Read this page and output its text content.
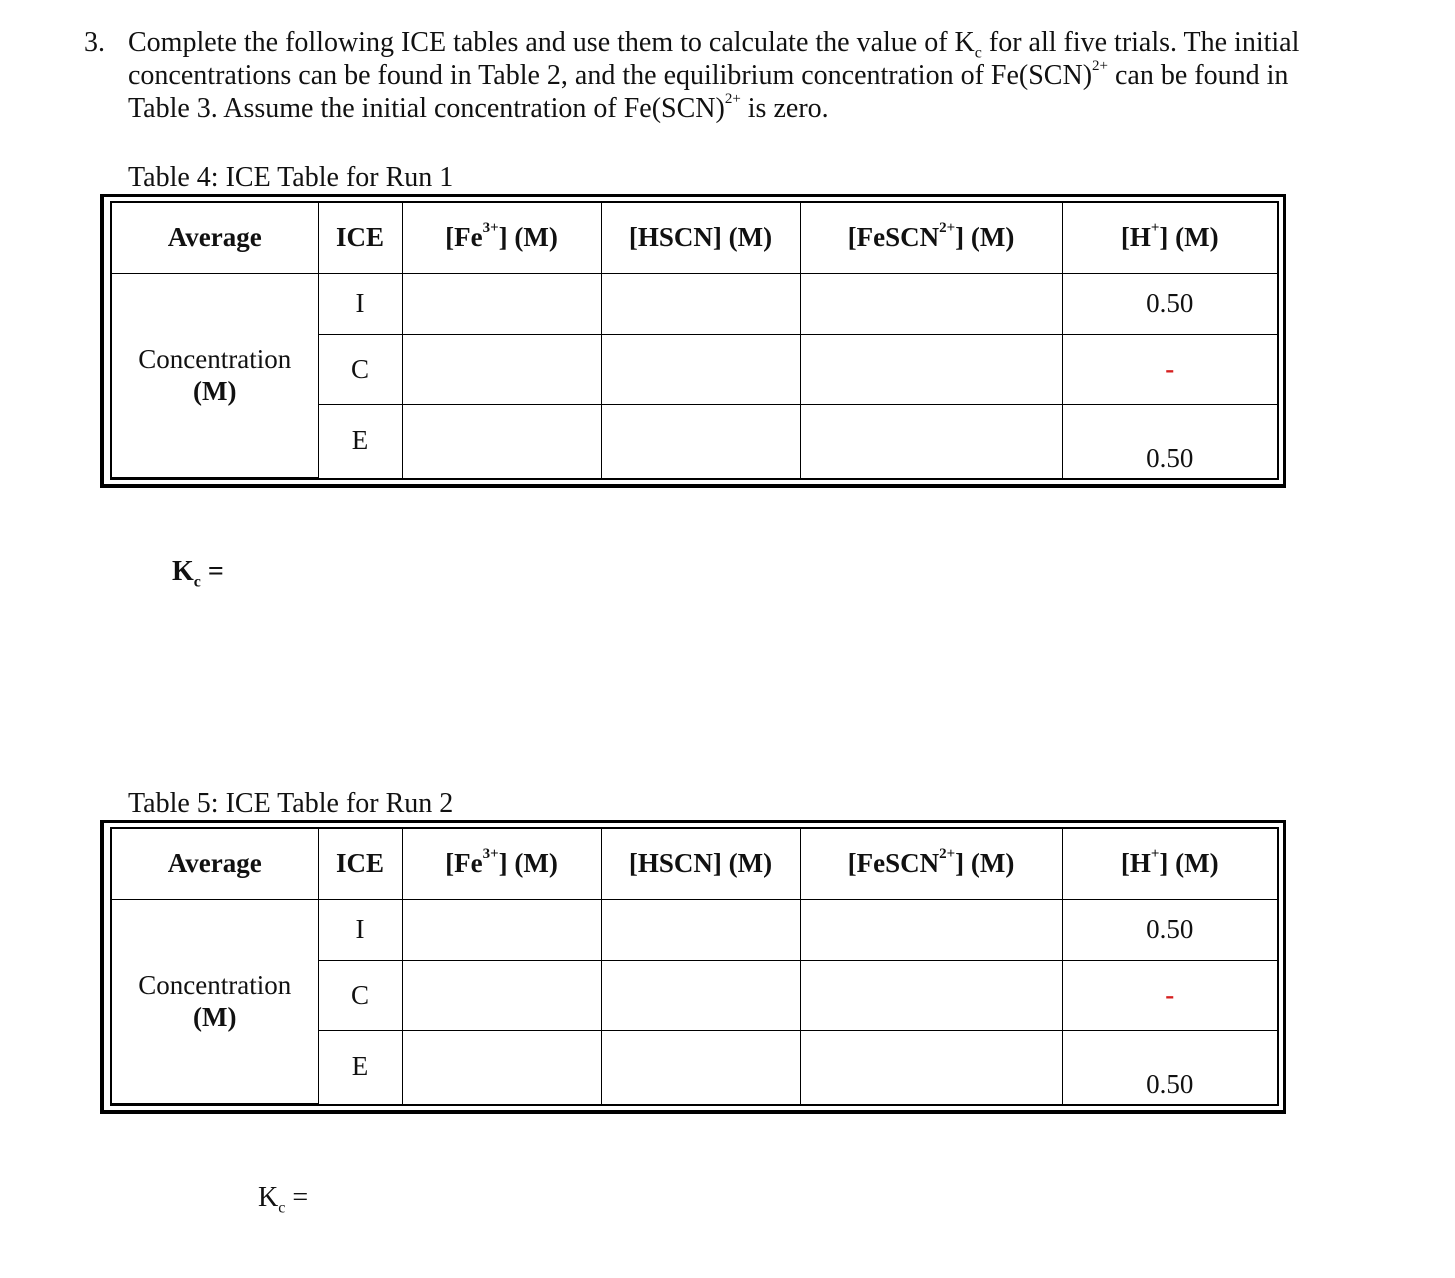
3. Complete the following ICE tables and use them to calculate the value of $K_c$ for all five trials. The initial
concentrations can be found in Table 2, and the equilibrium concentration of Fe(SCN)$^{2+}$ can be found in
Table 3. Assume the initial concentration of Fe(SCN)$^{2+}$ is zero.
Table 4: ICE Table for Run 1
Average	ICE	$[Fe^{3+}]$ (M)	[HSCN] (M)	[FeSCN$^{2+}$] (M)	[H+] (M)

Concentration
(M)	I				0.50
	C				-
	E				0.50
$K_c$ =
Table 5: ICE Table for Run 2
Average	ICE	$[Fe^{3+}]$ (M)	[HSCN] (M)	[FeSCN$^{2+}$] (M)	[H+] (M)

Concentration
(M)	I				0.50
	C				-
	E				0.50
$K_c$ =
